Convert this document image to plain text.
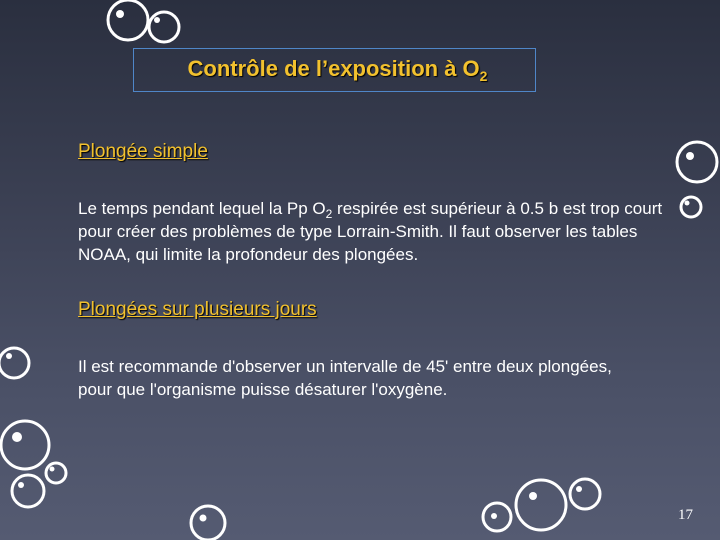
Contrôle de l’exposition à $O_2$
Plongée simple

Le temps pendant lequel la Pp $O_2$ respirée est supérieur à 0.5 b est trop court pour créer des problèmes de type Lorrain-Smith. Il faut observer les tables NOAA, qui limite la profondeur des plongées.

Plongées sur plusieurs jours

Il est recommande d'observer un intervalle de 45' entre deux plongées, pour que l'organisme puisse désaturer l'oxygène.

17
